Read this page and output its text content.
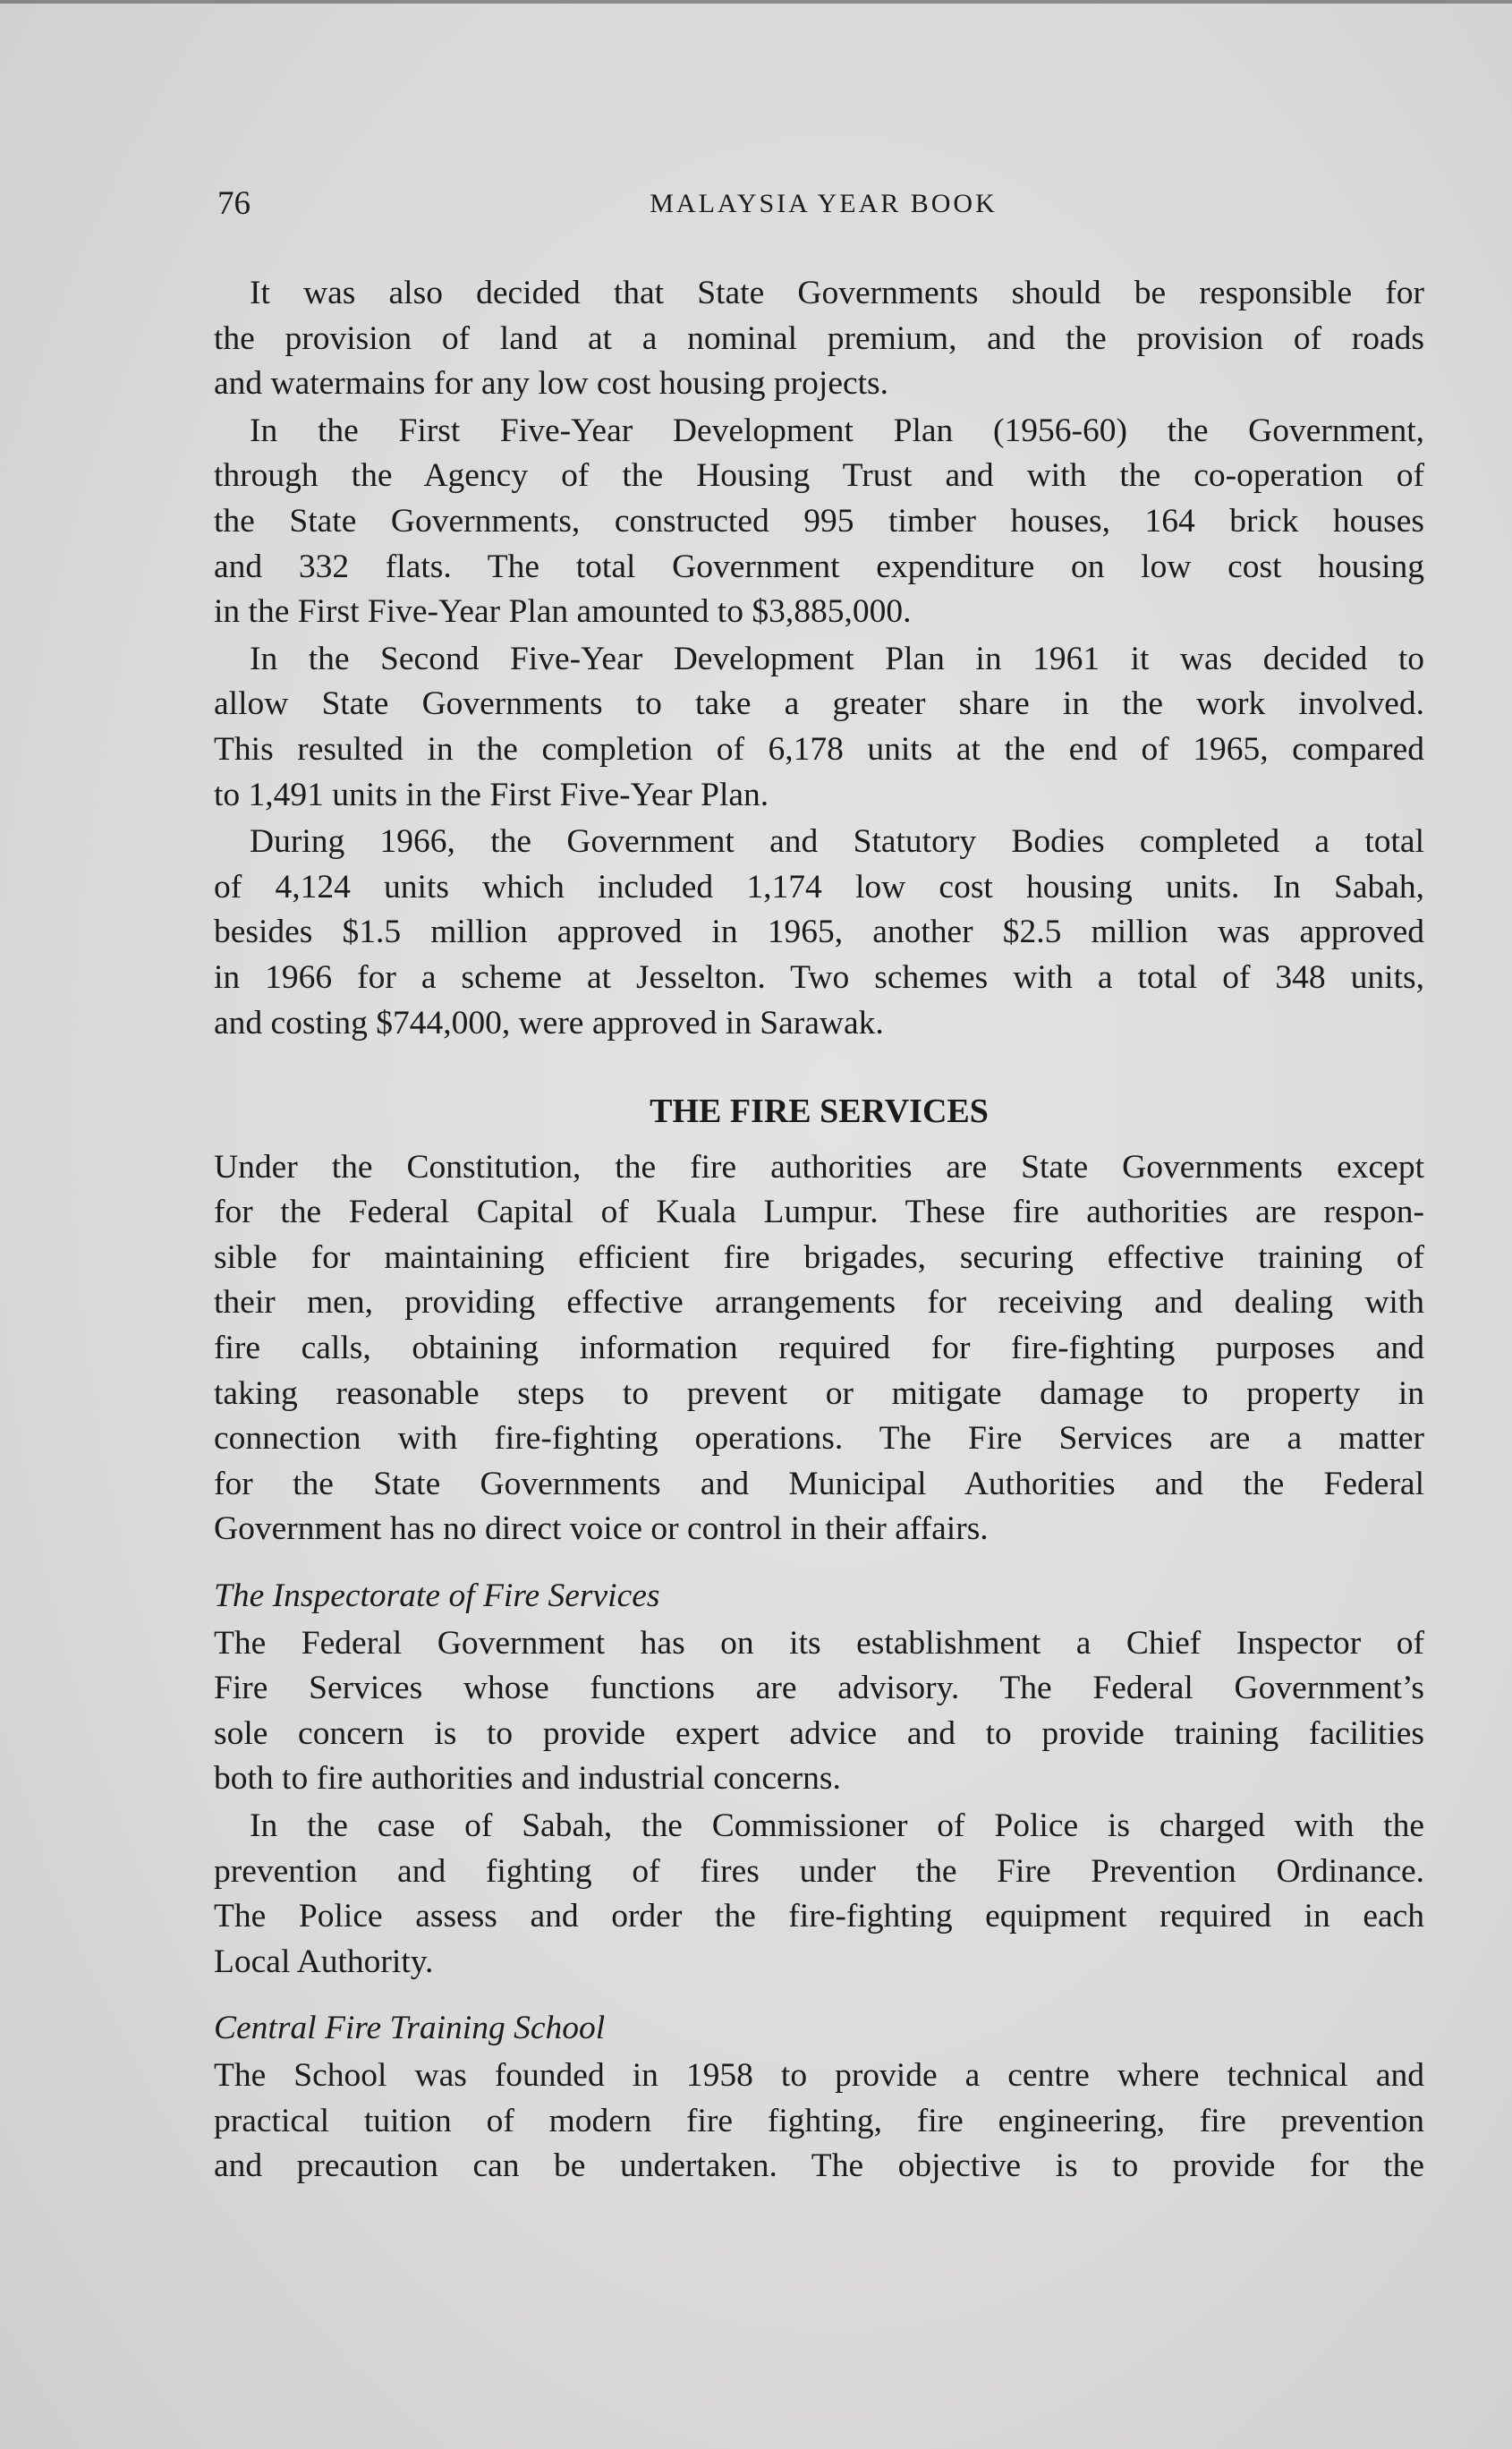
76	MALAYSIA YEAR BOOK
It was also decided that State Governments should be responsible for
the provision of land at a nominal premium, and the provision of roads
and watermains for any low cost housing projects.
In the First Five-Year Development Plan (1956-60) the Government,
through the Agency of the Housing Trust and with the co-operation of
the State Governments, constructed 995 timber houses, 164 brick houses
and 332 flats. The total Government expenditure on low cost housing
in the First Five-Year Plan amounted to $3,885,000.
In the Second Five-Year Development Plan in 1961 it was decided to
allow State Governments to take a greater share in the work involved.
This resulted in the completion of 6,178 units at the end of 1965, compared
to 1,491 units in the First Five-Year Plan.
During 1966, the Government and Statutory Bodies completed a total
of 4,124 units which included 1,174 low cost housing units. In Sabah,
besides $1.5 million approved in 1965, another $2.5 million was approved
in 1966 for a scheme at Jesselton. Two schemes with a total of 348 units,
and costing $744,000, were approved in Sarawak.
THE FIRE SERVICES
Under the Constitution, the fire authorities are State Governments except
for the Federal Capital of Kuala Lumpur. These fire authorities are respon-
sible for maintaining efficient fire brigades, securing effective training of
their men, providing effective arrangements for receiving and dealing with
fire calls, obtaining information required for fire-fighting purposes and
taking reasonable steps to prevent or mitigate damage to property in
connection with fire-fighting operations. The Fire Services are a matter
for the State Governments and Municipal Authorities and the Federal
Government has no direct voice or control in their affairs.
The Inspectorate of Fire Services
The Federal Government has on its establishment a Chief Inspector of
Fire Services whose functions are advisory. The Federal Government’s
sole concern is to provide expert advice and to provide training facilities
both to fire authorities and industrial concerns.
In the case of Sabah, the Commissioner of Police is charged with the
prevention and fighting of fires under the Fire Prevention Ordinance.
The Police assess and order the fire-fighting equipment required in each
Local Authority.
Central Fire Training School
The School was founded in 1958 to provide a centre where technical and
practical tuition of modern fire fighting, fire engineering, fire prevention
and precaution can be undertaken. The objective is to provide for the
